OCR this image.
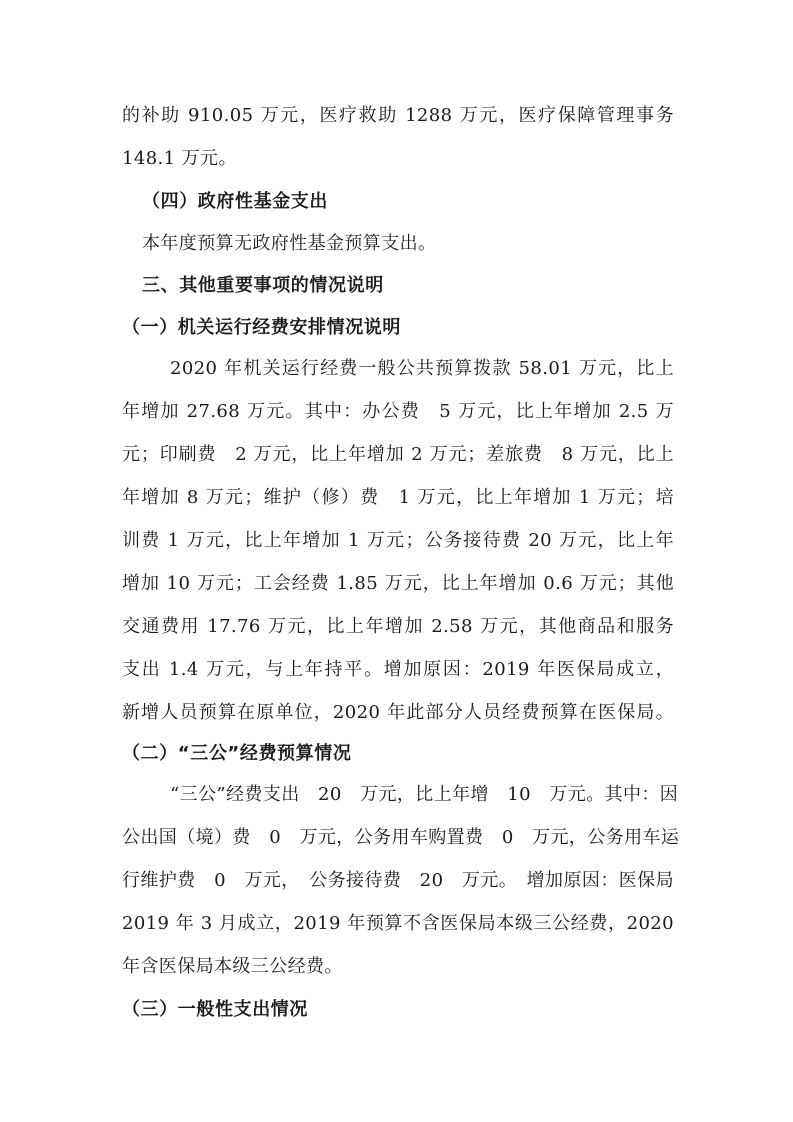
的补助 910.05 万元，医疗救助 1288 万元，医疗保障管理事务
148.1 万元。
（四）政府性基金支出
本年度预算无政府性基金预算支出。
三、其他重要事项的情况说明
（一）机关运行经费安排情况说明
2020 年机关运行经费一般公共预算拨款 58.01 万元，比上
年增加 27.68 万元。其中：办公费　5 万元，比上年增加 2.5 万
元；印刷费　2 万元，比上年增加 2 万元；差旅费　8 万元，比上
年增加 8 万元；维护（修）费　1 万元，比上年增加 1 万元；培
训费 1 万元，比上年增加 1 万元；公务接待费 20 万元，比上年
增加 10 万元；工会经费 1.85 万元，比上年增加 0.6 万元；其他
交通费用 17.76 万元，比上年增加 2.58 万元，其他商品和服务
支出 1.4 万元，与上年持平。增加原因：2019 年医保局成立，
新增人员预算在原单位，2020 年此部分人员经费预算在医保局。
（二）“三公”经费预算情况
“三公”经费支出　20　万元，比上年增　10　万元。其中：因
公出国（境）费　0　万元，公务用车购置费　0　万元，公务用车运
行维护费　0　万元，　公务接待费　20　万元。　增加原因：医保局
2019 年 3 月成立，2019 年预算不含医保局本级三公经费，2020
年含医保局本级三公经费。
（三）一般性支出情况
